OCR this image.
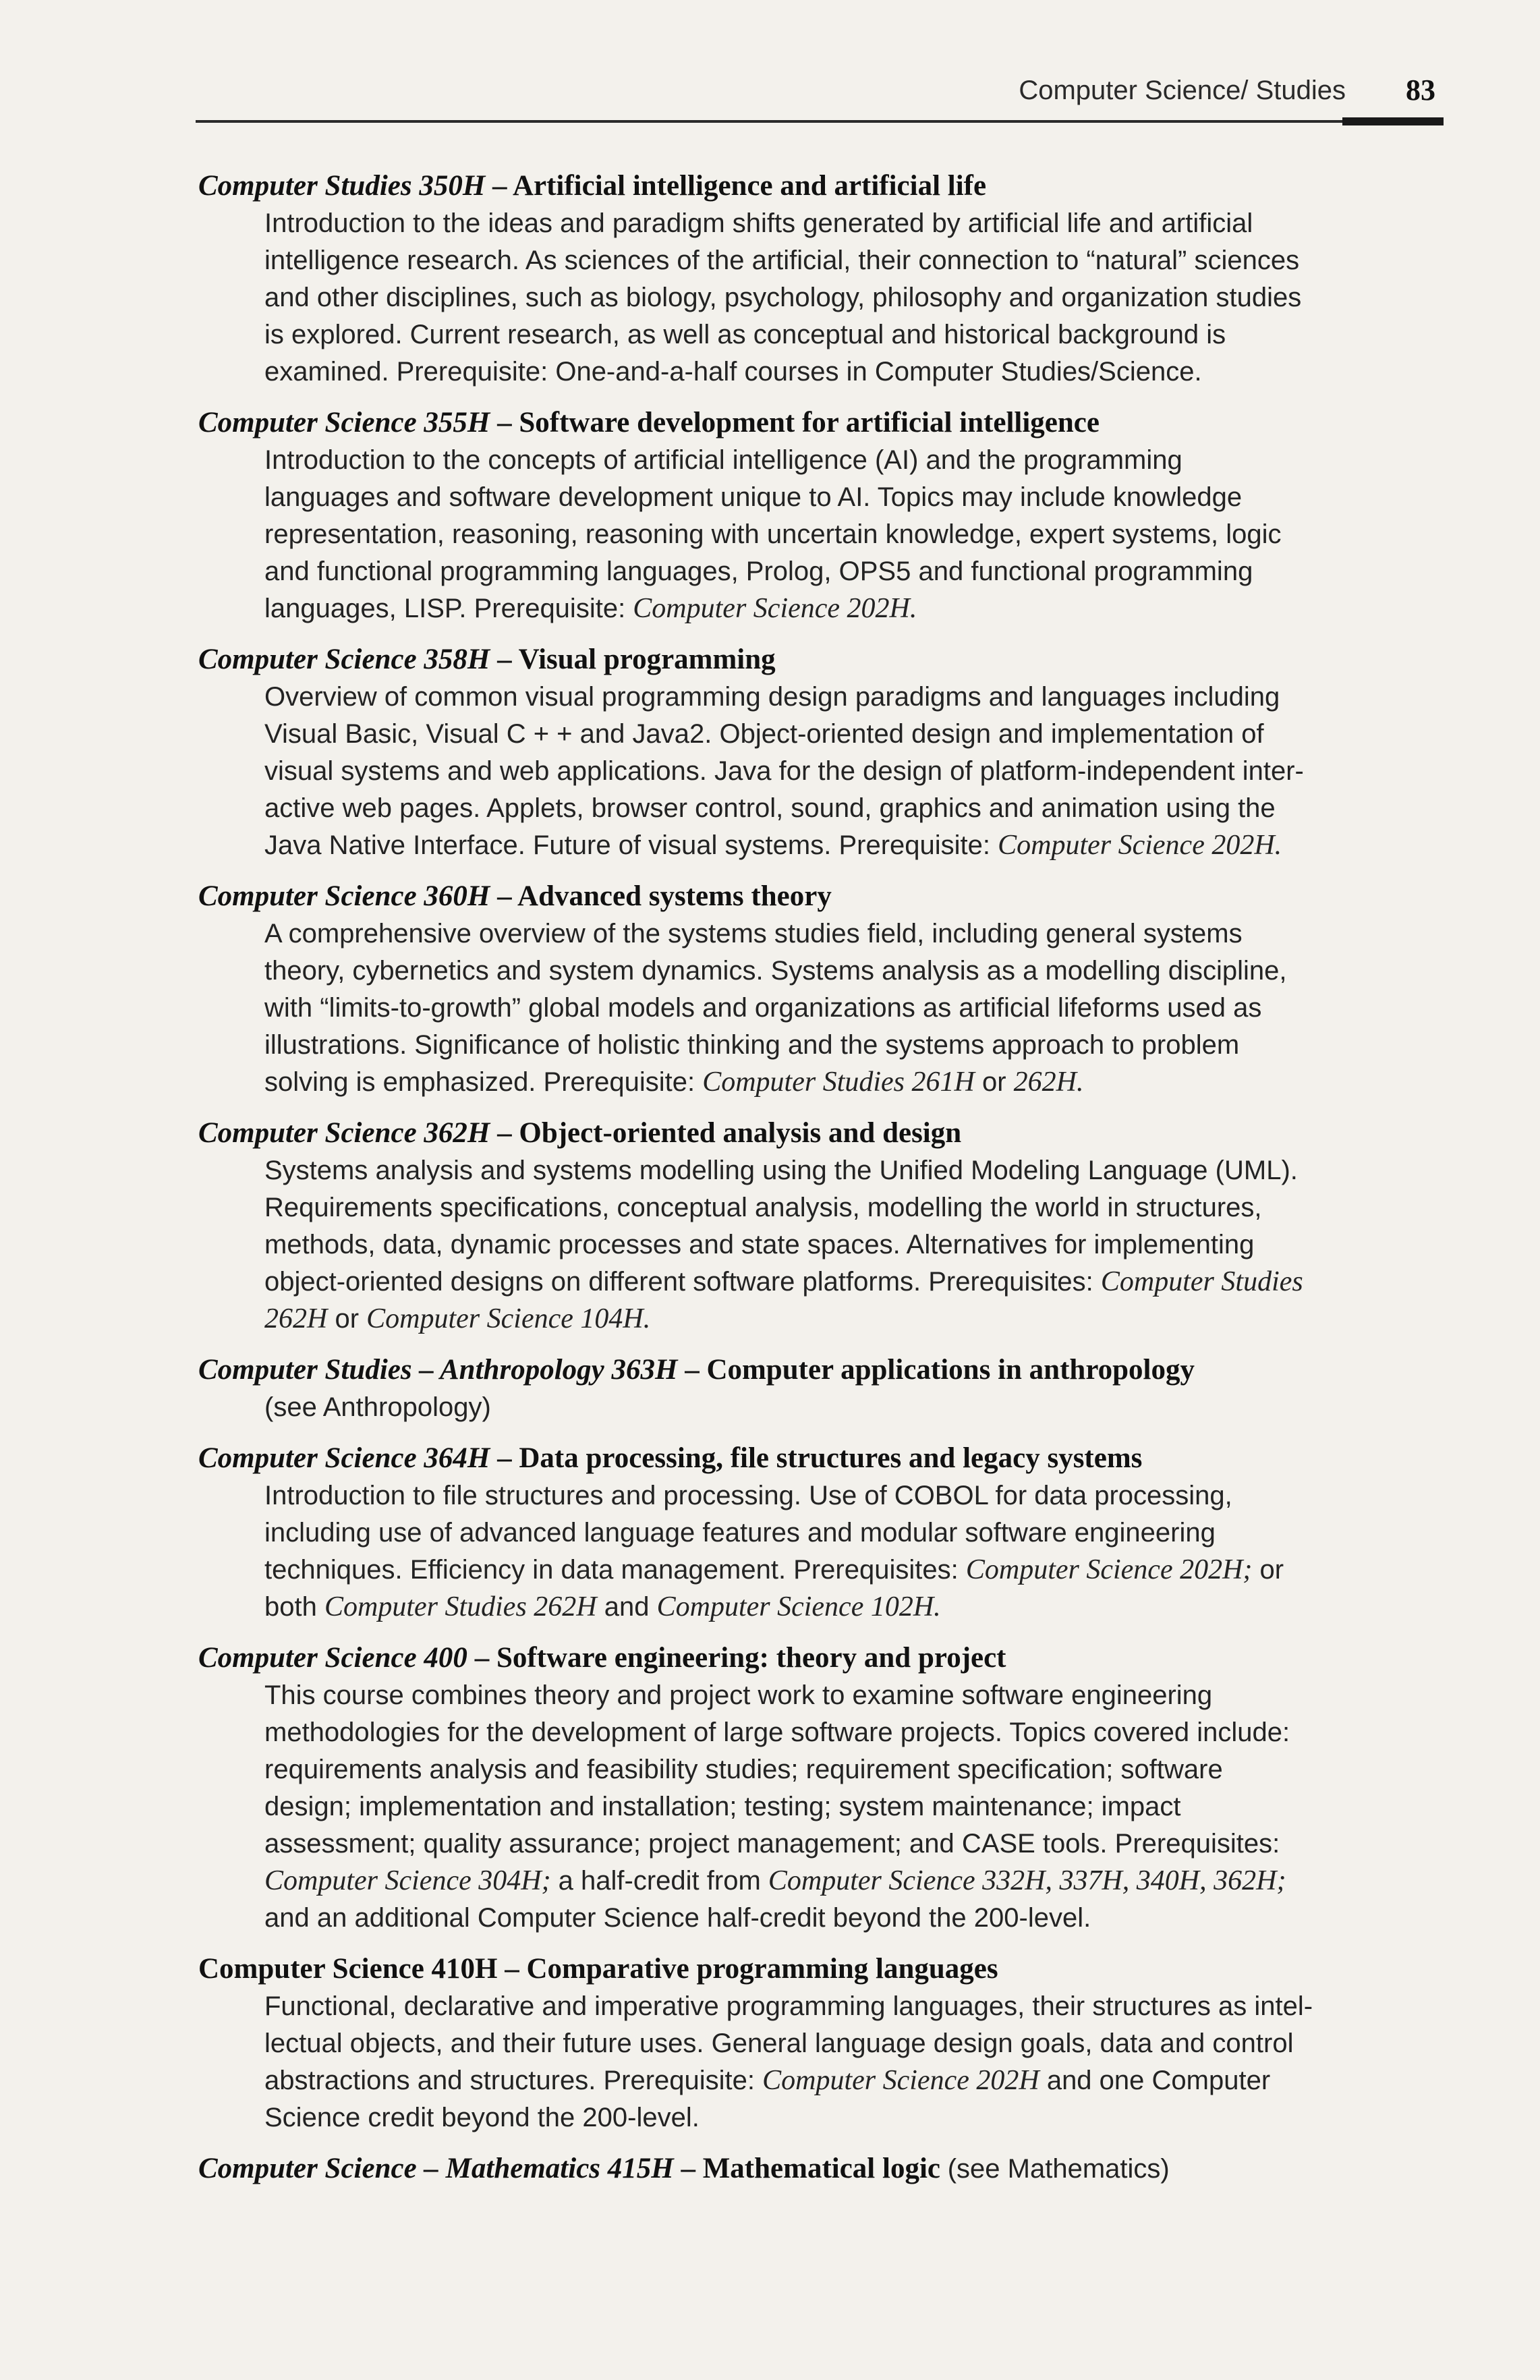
Computer Science/ Studies 83
Computer Studies 350H – Artificial intelligence and artificial life
Introduction to the ideas and paradigm shifts generated by artificial life and artificial
intelligence research. As sciences of the artificial, their connection to “natural” sciences
and other disciplines, such as biology, psychology, philosophy and organization studies
is explored. Current research, as well as conceptual and historical background is
examined. Prerequisite: One-and-a-half courses in Computer Studies/Science.
Computer Science 355H – Software development for artificial intelligence
Introduction to the concepts of artificial intelligence (AI) and the programming
languages and software development unique to AI. Topics may include knowledge
representation, reasoning, reasoning with uncertain knowledge, expert systems, logic
and functional programming languages, Prolog, OPS5 and functional programming
languages, LISP. Prerequisite: Computer Science 202H.
Computer Science 358H – Visual programming
Overview of common visual programming design paradigms and languages including
Visual Basic, Visual C + + and Java2. Object-oriented design and implementation of
visual systems and web applications. Java for the design of platform-independent inter-
active web pages. Applets, browser control, sound, graphics and animation using the
Java Native Interface. Future of visual systems. Prerequisite: Computer Science 202H.
Computer Science 360H – Advanced systems theory
A comprehensive overview of the systems studies field, including general systems
theory, cybernetics and system dynamics. Systems analysis as a modelling discipline,
with “limits-to-growth” global models and organizations as artificial lifeforms used as
illustrations. Significance of holistic thinking and the systems approach to problem
solving is emphasized. Prerequisite: Computer Studies 261H or 262H.
Computer Science 362H – Object-oriented analysis and design
Systems analysis and systems modelling using the Unified Modeling Language (UML).
Requirements specifications, conceptual analysis, modelling the world in structures,
methods, data, dynamic processes and state spaces. Alternatives for implementing
object-oriented designs on different software platforms. Prerequisites: Computer Studies
262H or Computer Science 104H.
Computer Studies – Anthropology 363H – Computer applications in anthropology
(see Anthropology)
Computer Science 364H – Data processing, file structures and legacy systems
Introduction to file structures and processing. Use of COBOL for data processing,
including use of advanced language features and modular software engineering
techniques. Efficiency in data management. Prerequisites: Computer Science 202H; or
both Computer Studies 262H and Computer Science 102H.
Computer Science 400 – Software engineering: theory and project
This course combines theory and project work to examine software engineering
methodologies for the development of large software projects. Topics covered include:
requirements analysis and feasibility studies; requirement specification; software
design; implementation and installation; testing; system maintenance; impact
assessment; quality assurance; project management; and CASE tools. Prerequisites:
Computer Science 304H; a half-credit from Computer Science 332H, 337H, 340H, 362H;
and an additional Computer Science half-credit beyond the 200-level.
Computer Science 410H – Comparative programming languages
Functional, declarative and imperative programming languages, their structures as intel-
lectual objects, and their future uses. General language design goals, data and control
abstractions and structures. Prerequisite: Computer Science 202H and one Computer
Science credit beyond the 200-level.
Computer Science – Mathematics 415H – Mathematical logic (see Mathematics)
